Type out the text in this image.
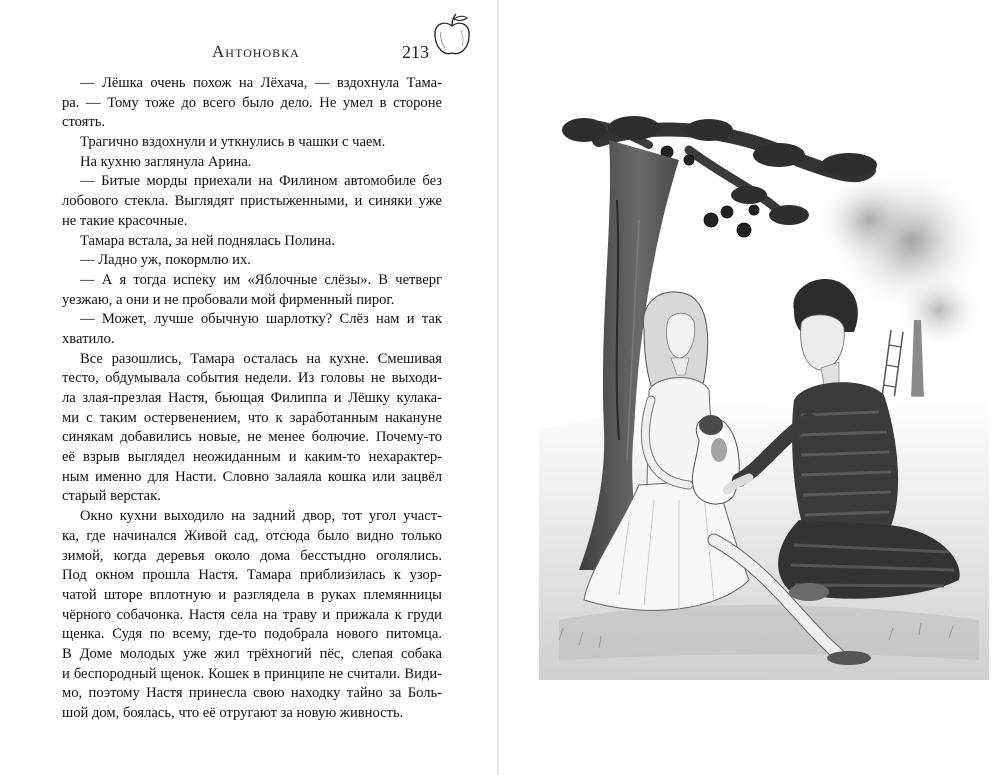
Антоновка	213
— Лёшка очень похож на Лёхача, — вздохнула Тама-
ра. — Тому тоже до всего было дело. Не умел в стороне
стоять.
Трагично вздохнули и уткнулись в чашки с чаем.
На кухню заглянула Арина.
— Битые морды приехали на Филином автомобиле без
лобового стекла. Выглядят пристыженными, и синяки уже
не такие красочные.
Тамара встала, за ней поднялась Полина.
— Ладно уж, покормлю их.
— А я тогда испеку им «Яблочные слёзы». В четверг
уезжаю, а они и не пробовали мой фирменный пирог.
— Может, лучше обычную шарлотку? Слёз нам и так
хватило.
Все разошлись, Тамара осталась на кухне. Смешивая
тесто, обдумывала события недели. Из головы не выходи-
ла злая-презлая Настя, бьющая Филиппа и Лёшку кулака-
ми с таким остервенением, что к заработанным накануне
синякам добавились новые, не менее болючие. Почему-то
её взрыв выглядел неожиданным и каким-то нехарактер-
ным именно для Насти. Словно залаяла кошка или зацвёл
старый верстак.
Окно кухни выходило на задний двор, тот угол участ-
ка, где начинался Живой сад, отсюда было видно только
зимой, когда деревья около дома бесстыдно оголялись.
Под окном прошла Настя. Тамара приблизилась к узор-
чатой шторе вплотную и разглядела в руках племянницы
чёрного собачонка. Настя села на траву и прижала к груди
щенка. Судя по всему, где-то подобрала нового питомца.
В Доме молодых уже жил трёхногий пёс, слепая собака
и беспородный щенок. Кошек в принципе не считали. Види-
мо, поэтому Настя принесла свою находку тайно за Боль-
шой дом, боялась, что её отругают за новую живность.
